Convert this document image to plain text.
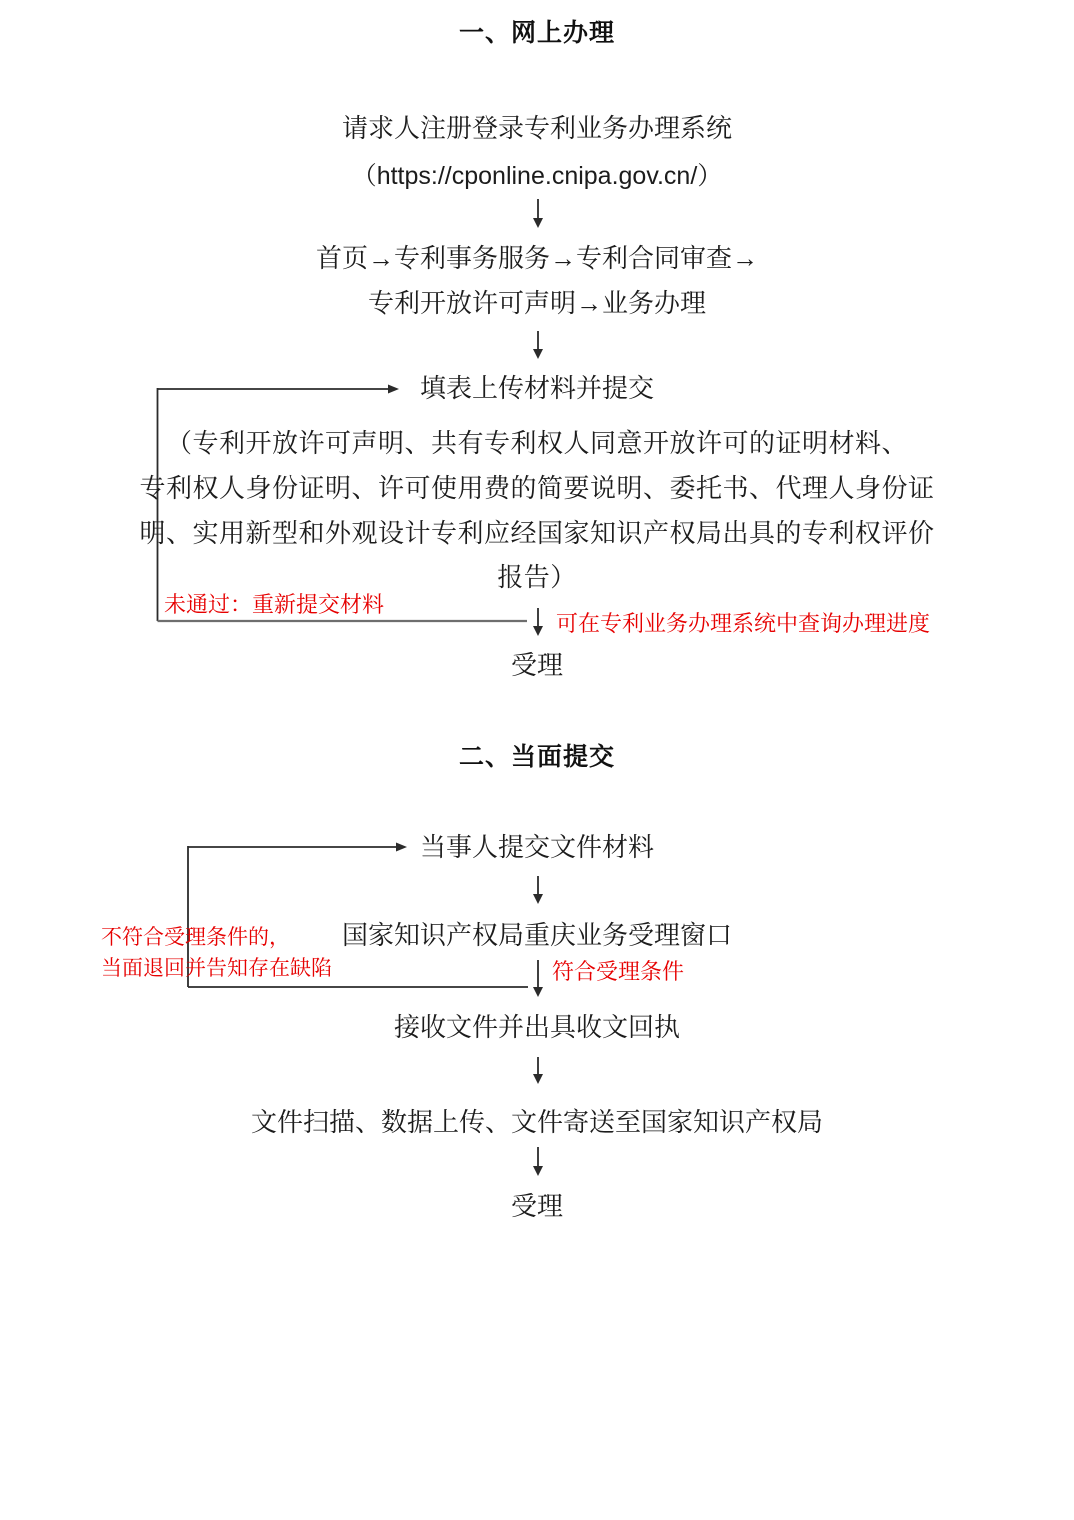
一、网上办理
请求人注册登录专利业务办理系统
（https://cponline.cnipa.gov.cn/）
首页→专利事务服务→专利合同审查→
专利开放许可声明→业务办理
填表上传材料并提交
（专利开放许可声明、共有专利权人同意开放许可的证明材料、
专利权人身份证明、许可使用费的简要说明、委托书、代理人身份证
明、实用新型和外观设计专利应经国家知识产权局出具的专利权评价
报告）
未通过：重新提交材料
可在专利业务办理系统中查询办理进度
受理
二、当面提交
当事人提交文件材料
国家知识产权局重庆业务受理窗口
不符合受理条件的，
当面退回并告知存在缺陷	符合受理条件
接收文件并出具收文回执
文件扫描、数据上传、文件寄送至国家知识产权局
受理
